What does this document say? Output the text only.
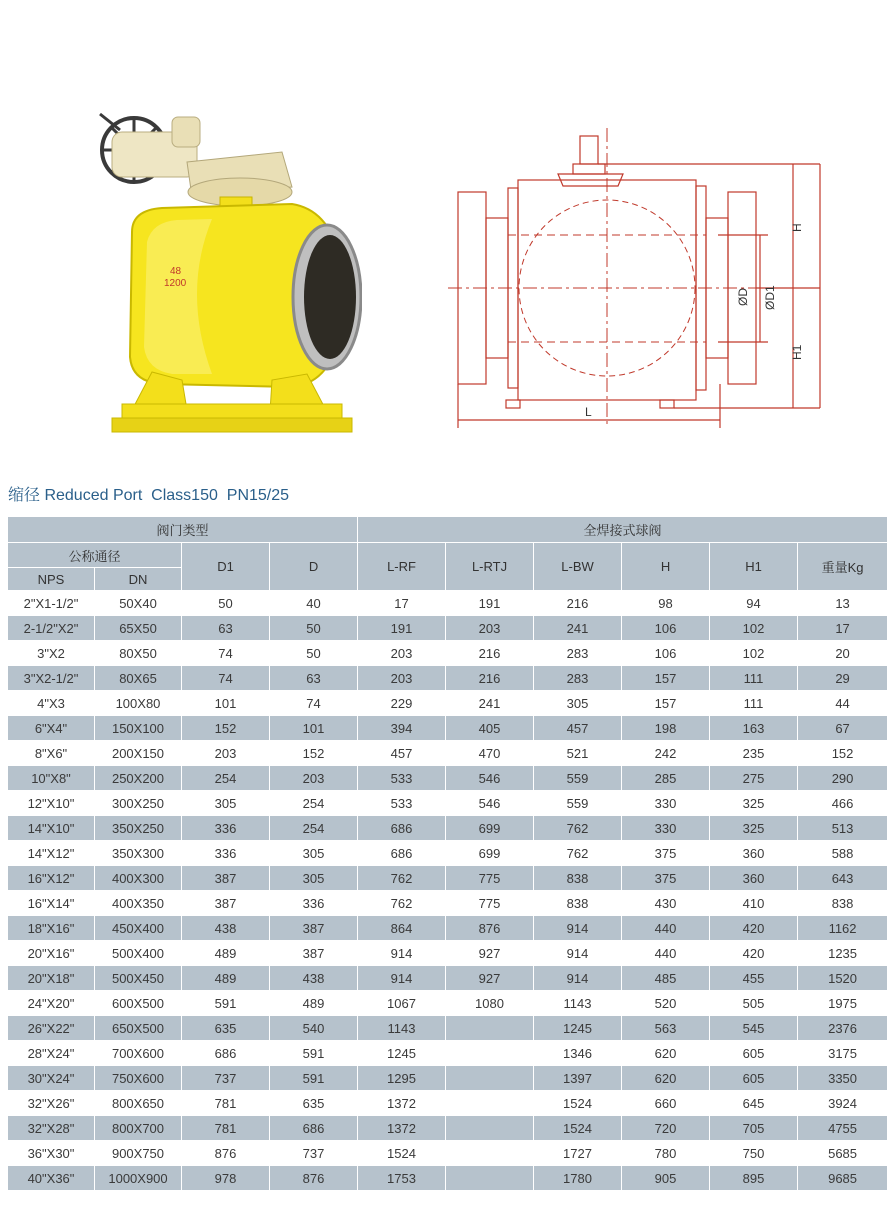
48
1200
H
H1
ØD ØD1
L
缩径 Reduced Port  Class150  PN15/25
阀门类型				全焊接式球阀					
公称通径		D1	D	L-RF	L-RTJ	L-BW	H	H1	重量Kg
NPS	DN								
2"X1-1/2"	50X40	50	40	17	191	216	98	94	13
2-1/2"X2"	65X50	63	50	191	203	241	106	102	17
3"X2	80X50	74	50	203	216	283	106	102	20
3"X2-1/2"	80X65	74	63	203	216	283	157	111	29
4"X3	100X80	101	74	229	241	305	157	111	44
6"X4"	150X100	152	101	394	405	457	198	163	67
8"X6"	200X150	203	152	457	470	521	242	235	152
10"X8"	250X200	254	203	533	546	559	285	275	290
12"X10"	300X250	305	254	533	546	559	330	325	466
14"X10"	350X250	336	254	686	699	762	330	325	513
14"X12"	350X300	336	305	686	699	762	375	360	588
16"X12"	400X300	387	305	762	775	838	375	360	643
16"X14"	400X350	387	336	762	775	838	430	410	838
18"X16"	450X400	438	387	864	876	914	440	420	1162
20"X16"	500X400	489	387	914	927	914	440	420	1235
20"X18"	500X450	489	438	914	927	914	485	455	1520
24"X20"	600X500	591	489	1067	1080	1143	520	505	1975
26"X22"	650X500	635	540	1143		1245	563	545	2376
28"X24"	700X600	686	591	1245		1346	620	605	3175
30"X24"	750X600	737	591	1295		1397	620	605	3350
32"X26"	800X650	781	635	1372		1524	660	645	3924
32"X28"	800X700	781	686	1372		1524	720	705	4755
36"X30"	900X750	876	737	1524		1727	780	750	5685
40"X36"	1000X900	978	876	1753		1780	905	895	9685
